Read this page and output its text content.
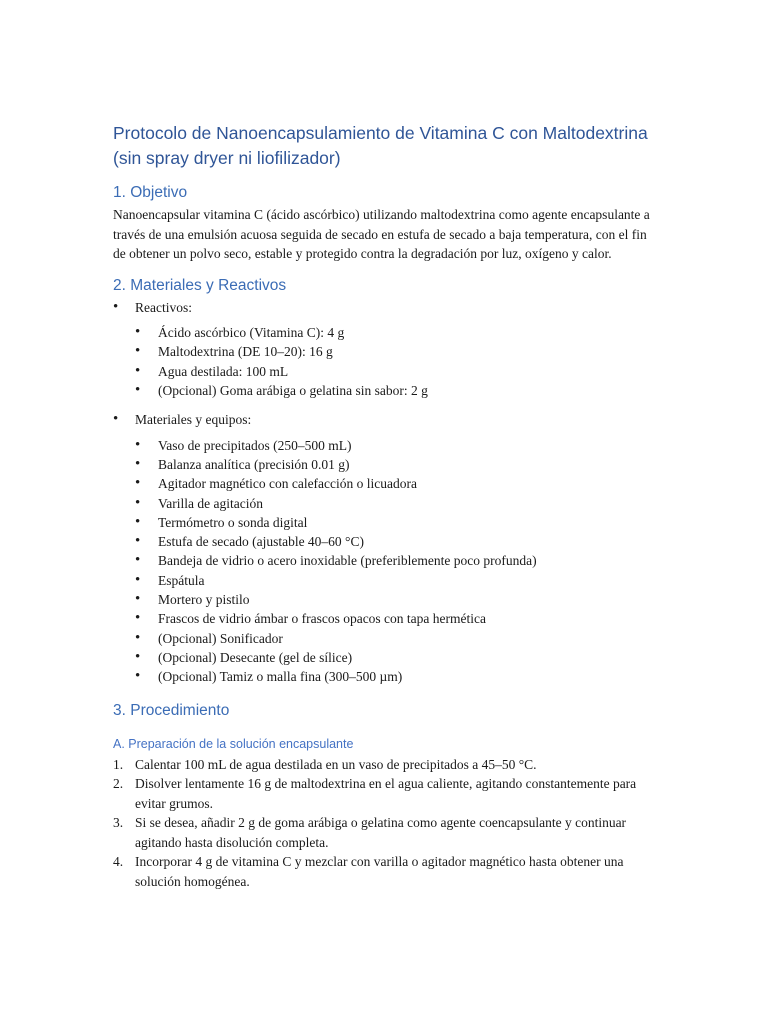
Protocolo de Nanoencapsulamiento de Vitamina C con Maltodextrina (sin spray dryer ni liofilizador)
1. Objetivo

Nanoencapsular vitamina C (ácido ascórbico) utilizando maltodextrina como agente encapsulante a través de una emulsión acuosa seguida de secado en estufa de secado a baja temperatura, con el fin de obtener un polvo seco, estable y protegido contra la degradación por luz, oxígeno y calor.

2. Materiales y Reactivos
• Reactivos:
• Ácido ascórbico (Vitamina C): 4 g
• Maltodextrina (DE 10–20): 16 g
• Agua destilada: 100 mL
• (Opcional) Goma arábiga o gelatina sin sabor: 2 g
• Materiales y equipos:
• Vaso de precipitados (250–500 mL)
• Balanza analítica (precisión 0.01 g)
• Agitador magnético con calefacción o licuadora
• Varilla de agitación
• Termómetro o sonda digital
• Estufa de secado (ajustable 40–60 °C)
• Bandeja de vidrio o acero inoxidable (preferiblemente poco profunda)
• Espátula
• Mortero y pistilo
• Frascos de vidrio ámbar o frascos opacos con tapa hermética
• (Opcional) Sonificador
• (Opcional) Desecante (gel de sílice)
• (Opcional) Tamiz o malla fina (300–500 µm)
3. Procedimiento
A. Preparación de la solución encapsulante
1. Calentar 100 mL de agua destilada en un vaso de precipitados a 45–50 °C.
2. Disolver lentamente 16 g de maltodextrina en el agua caliente, agitando constantemente para evitar grumos.
3. Si se desea, añadir 2 g de goma arábiga o gelatina como agente coencapsulante y continuar agitando hasta disolución completa.
4. Incorporar 4 g de vitamina C y mezclar con varilla o agitador magnético hasta obtener una solución homogénea.
